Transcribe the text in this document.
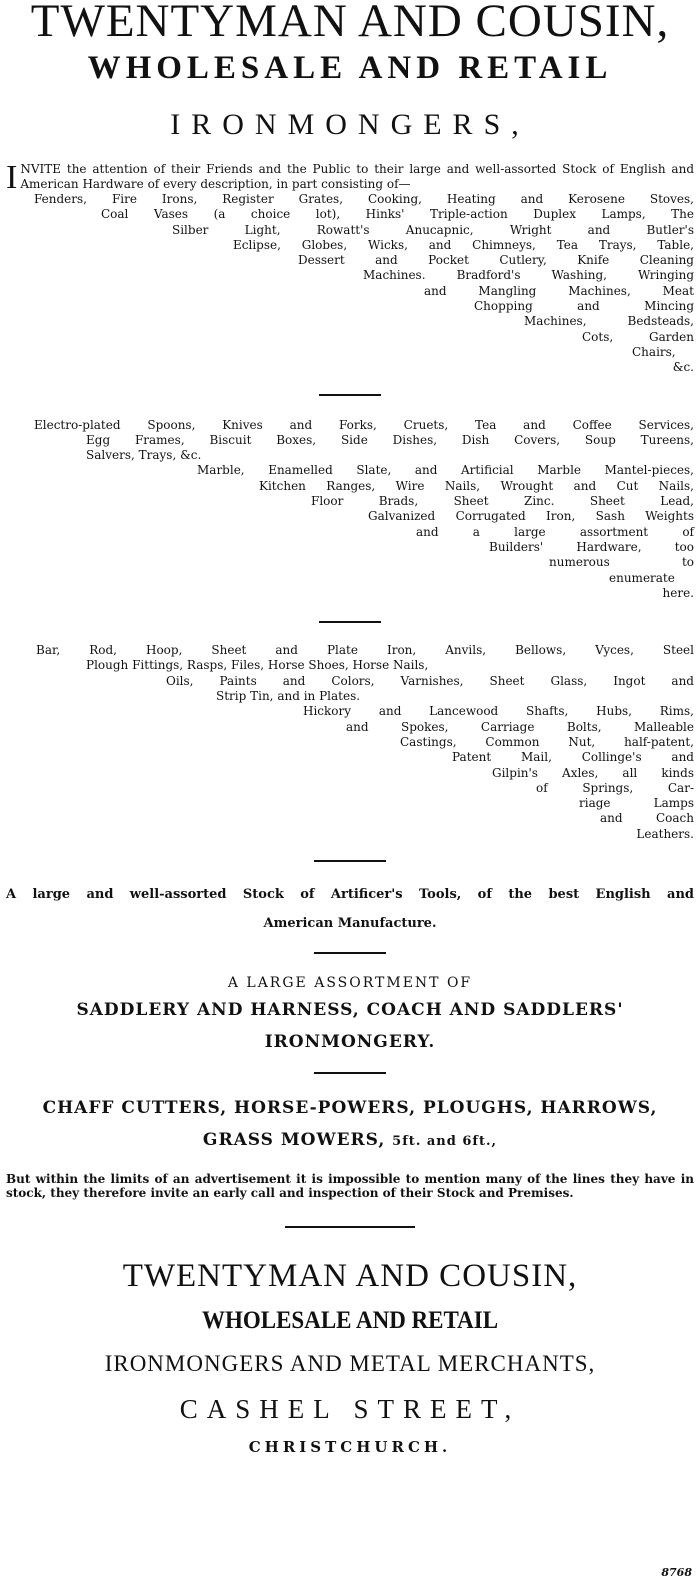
TWENTYMAN AND COUSIN,
WHOLESALE AND RETAIL
IRONMONGERS,
INVITE the attention of their Friends and the Public to their large and well-assorted Stock of English and American Hardware of every description, in part consisting of—
Fenders, Fire Irons, Register Grates, Cooking, Heating and Kerosene Stoves,
Coal Vases (a choice lot), Hinks' Triple-action Duplex Lamps, The
Silber Light, Rowatt's Anucapnic, Wright and Butler's
Eclipse, Globes, Wicks, and Chimneys, Tea Trays, Table,
Dessert and Pocket Cutlery, Knife Cleaning
Machines. Bradford's Washing, Wringing
and Mangling Machines, Meat
Chopping and Mincing
Machines, Bedsteads,
Cots, Garden
Chairs,
&c.
Electro-plated Spoons, Knives and Forks, Cruets, Tea and Coffee Services,
Egg Frames, Biscuit Boxes, Side Dishes, Dish Covers, Soup Tureens,
Salvers, Trays, &c.
Marble, Enamelled Slate, and Artificial Marble Mantel-pieces,
Kitchen Ranges, Wire Nails, Wrought and Cut Nails,
Floor Brads, Sheet Zinc. Sheet Lead,
Galvanized Corrugated Iron, Sash Weights
and a large assortment of
Builders' Hardware, too
numerous to
enumerate
here.
Bar, Rod, Hoop, Sheet and Plate Iron, Anvils, Bellows, Vyces, Steel
Plough Fittings, Rasps, Files, Horse Shoes, Horse Nails,
Oils, Paints and Colors, Varnishes, Sheet Glass, Ingot and
Strip Tin, and in Plates.
Hickory and Lancewood Shafts, Hubs, Rims,
and Spokes, Carriage Bolts, Malleable
Castings, Common Nut, half-patent,
Patent Mail, Collinge's and
Gilpin's Axles, all kinds
of Springs, Car-
riage Lamps
and Coach
Leathers.
A large and well-assorted Stock of Artificer's Tools, of the best English and
American Manufacture.
A LARGE ASSORTMENT OF
SADDLERY AND HARNESS, COACH AND SADDLERS'
IRONMONGERY.
CHAFF CUTTERS, HORSE-POWERS, PLOUGHS, HARROWS,
GRASS MOWERS, 5ft. and 6ft.,
But within the limits of an advertisement it is impossible to mention many of the lines they have in stock, they therefore invite an early call and inspection of their Stock and Premises.
TWENTYMAN AND COUSIN,
WHOLESALE AND RETAIL
IRONMONGERS AND METAL MERCHANTS,
CASHEL STREET,
CHRISTCHURCH.
8768
